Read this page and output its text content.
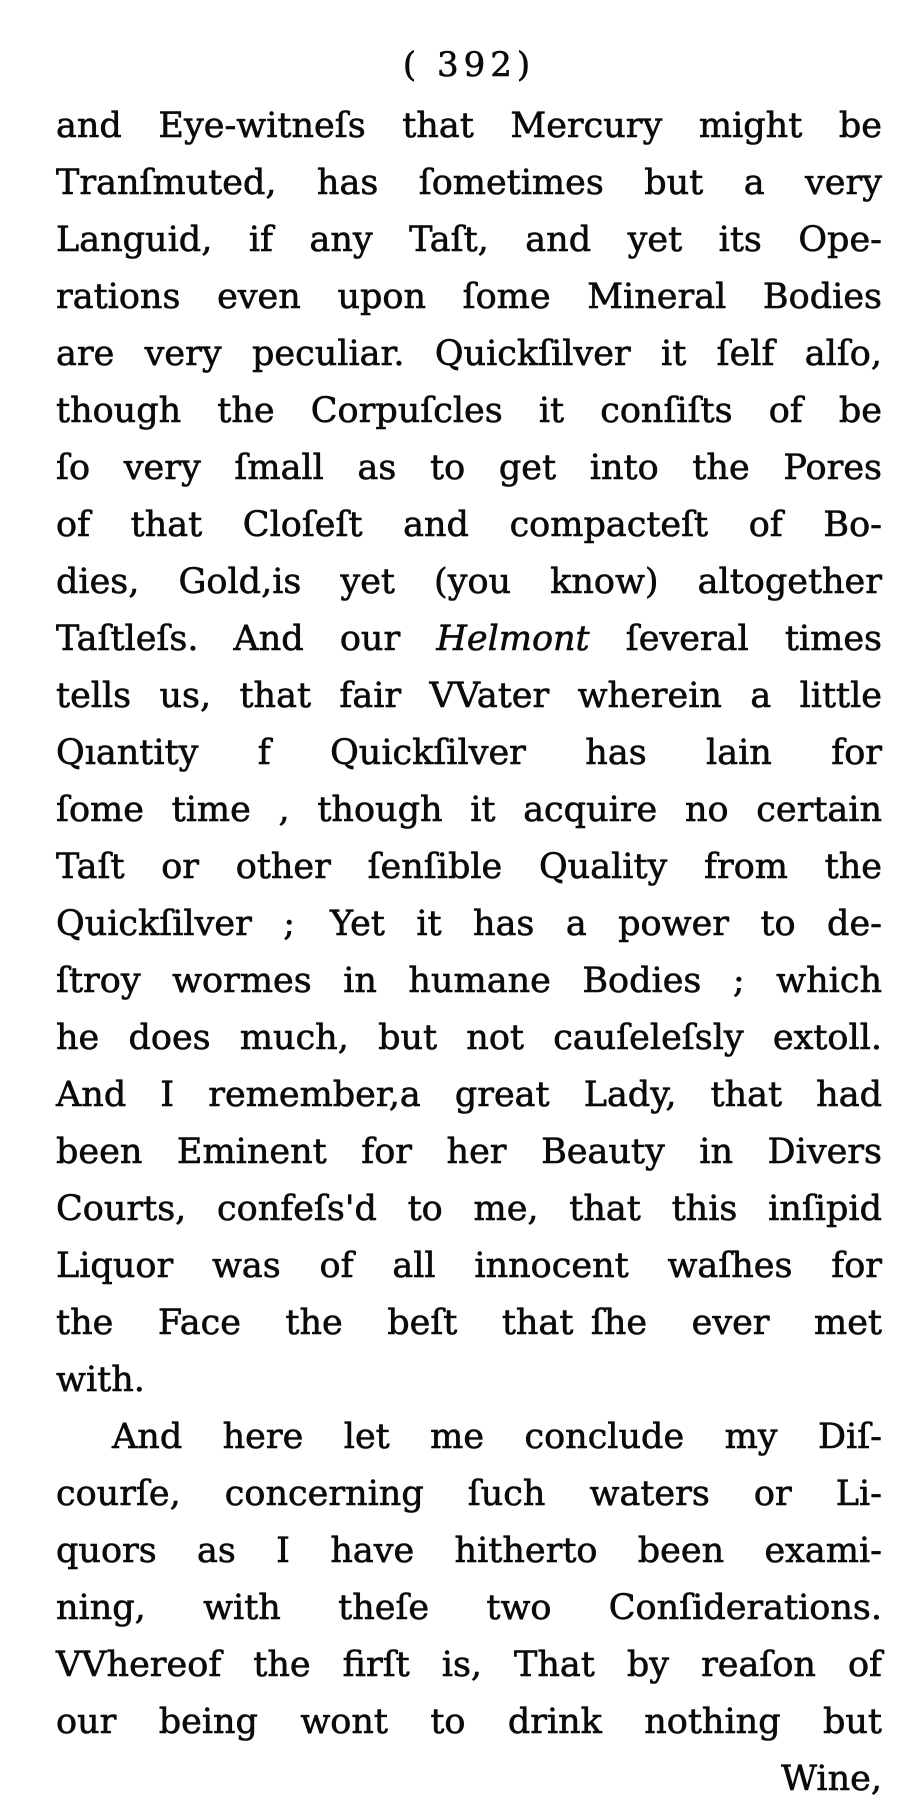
( 392)
and Eye-witneſs that Mercury might be
Tranſmuted, has ſometimes but a very
Languid, if any Taſt, and yet its Ope-
rations even upon ſome Mineral Bodies
are very peculiar. Quickſilver it ſelf alſo,
though the Corpuſcles it conſiſts of be
ſo very ſmall as to get into the Pores
of that Cloſeſt and compacteſt of Bo-
dies, Gold,is yet (you know) altogether
Taſtleſs.  And our Helmont ſeveral times
tells us, that fair VVater wherein a little
Qıantity f Quickſilver has lain for
ſome time , though it acquire no certain
Taſt or other ſenſible Quality from the
Quickſilver ;  Yet it has a power to de-
ſtroy wormes in humane Bodies ; which
he does much, but not cauſeleſsly extoll.
And I remember,a great Lady, that had
been Eminent for her Beauty in Divers
Courts, confeſs'd to me, that this inſipid
Liquor was of all innocent waſhes for
the Face the beſt that ſhe ever met
with.
And here let me conclude my Diſ-
courſe, concerning ſuch waters or Li-
quors as I have hitherto been exami-
ning, with theſe two Conſiderations.
VVhereof the firſt is, That by reaſon of
our being wont to drink nothing but
Wine,
